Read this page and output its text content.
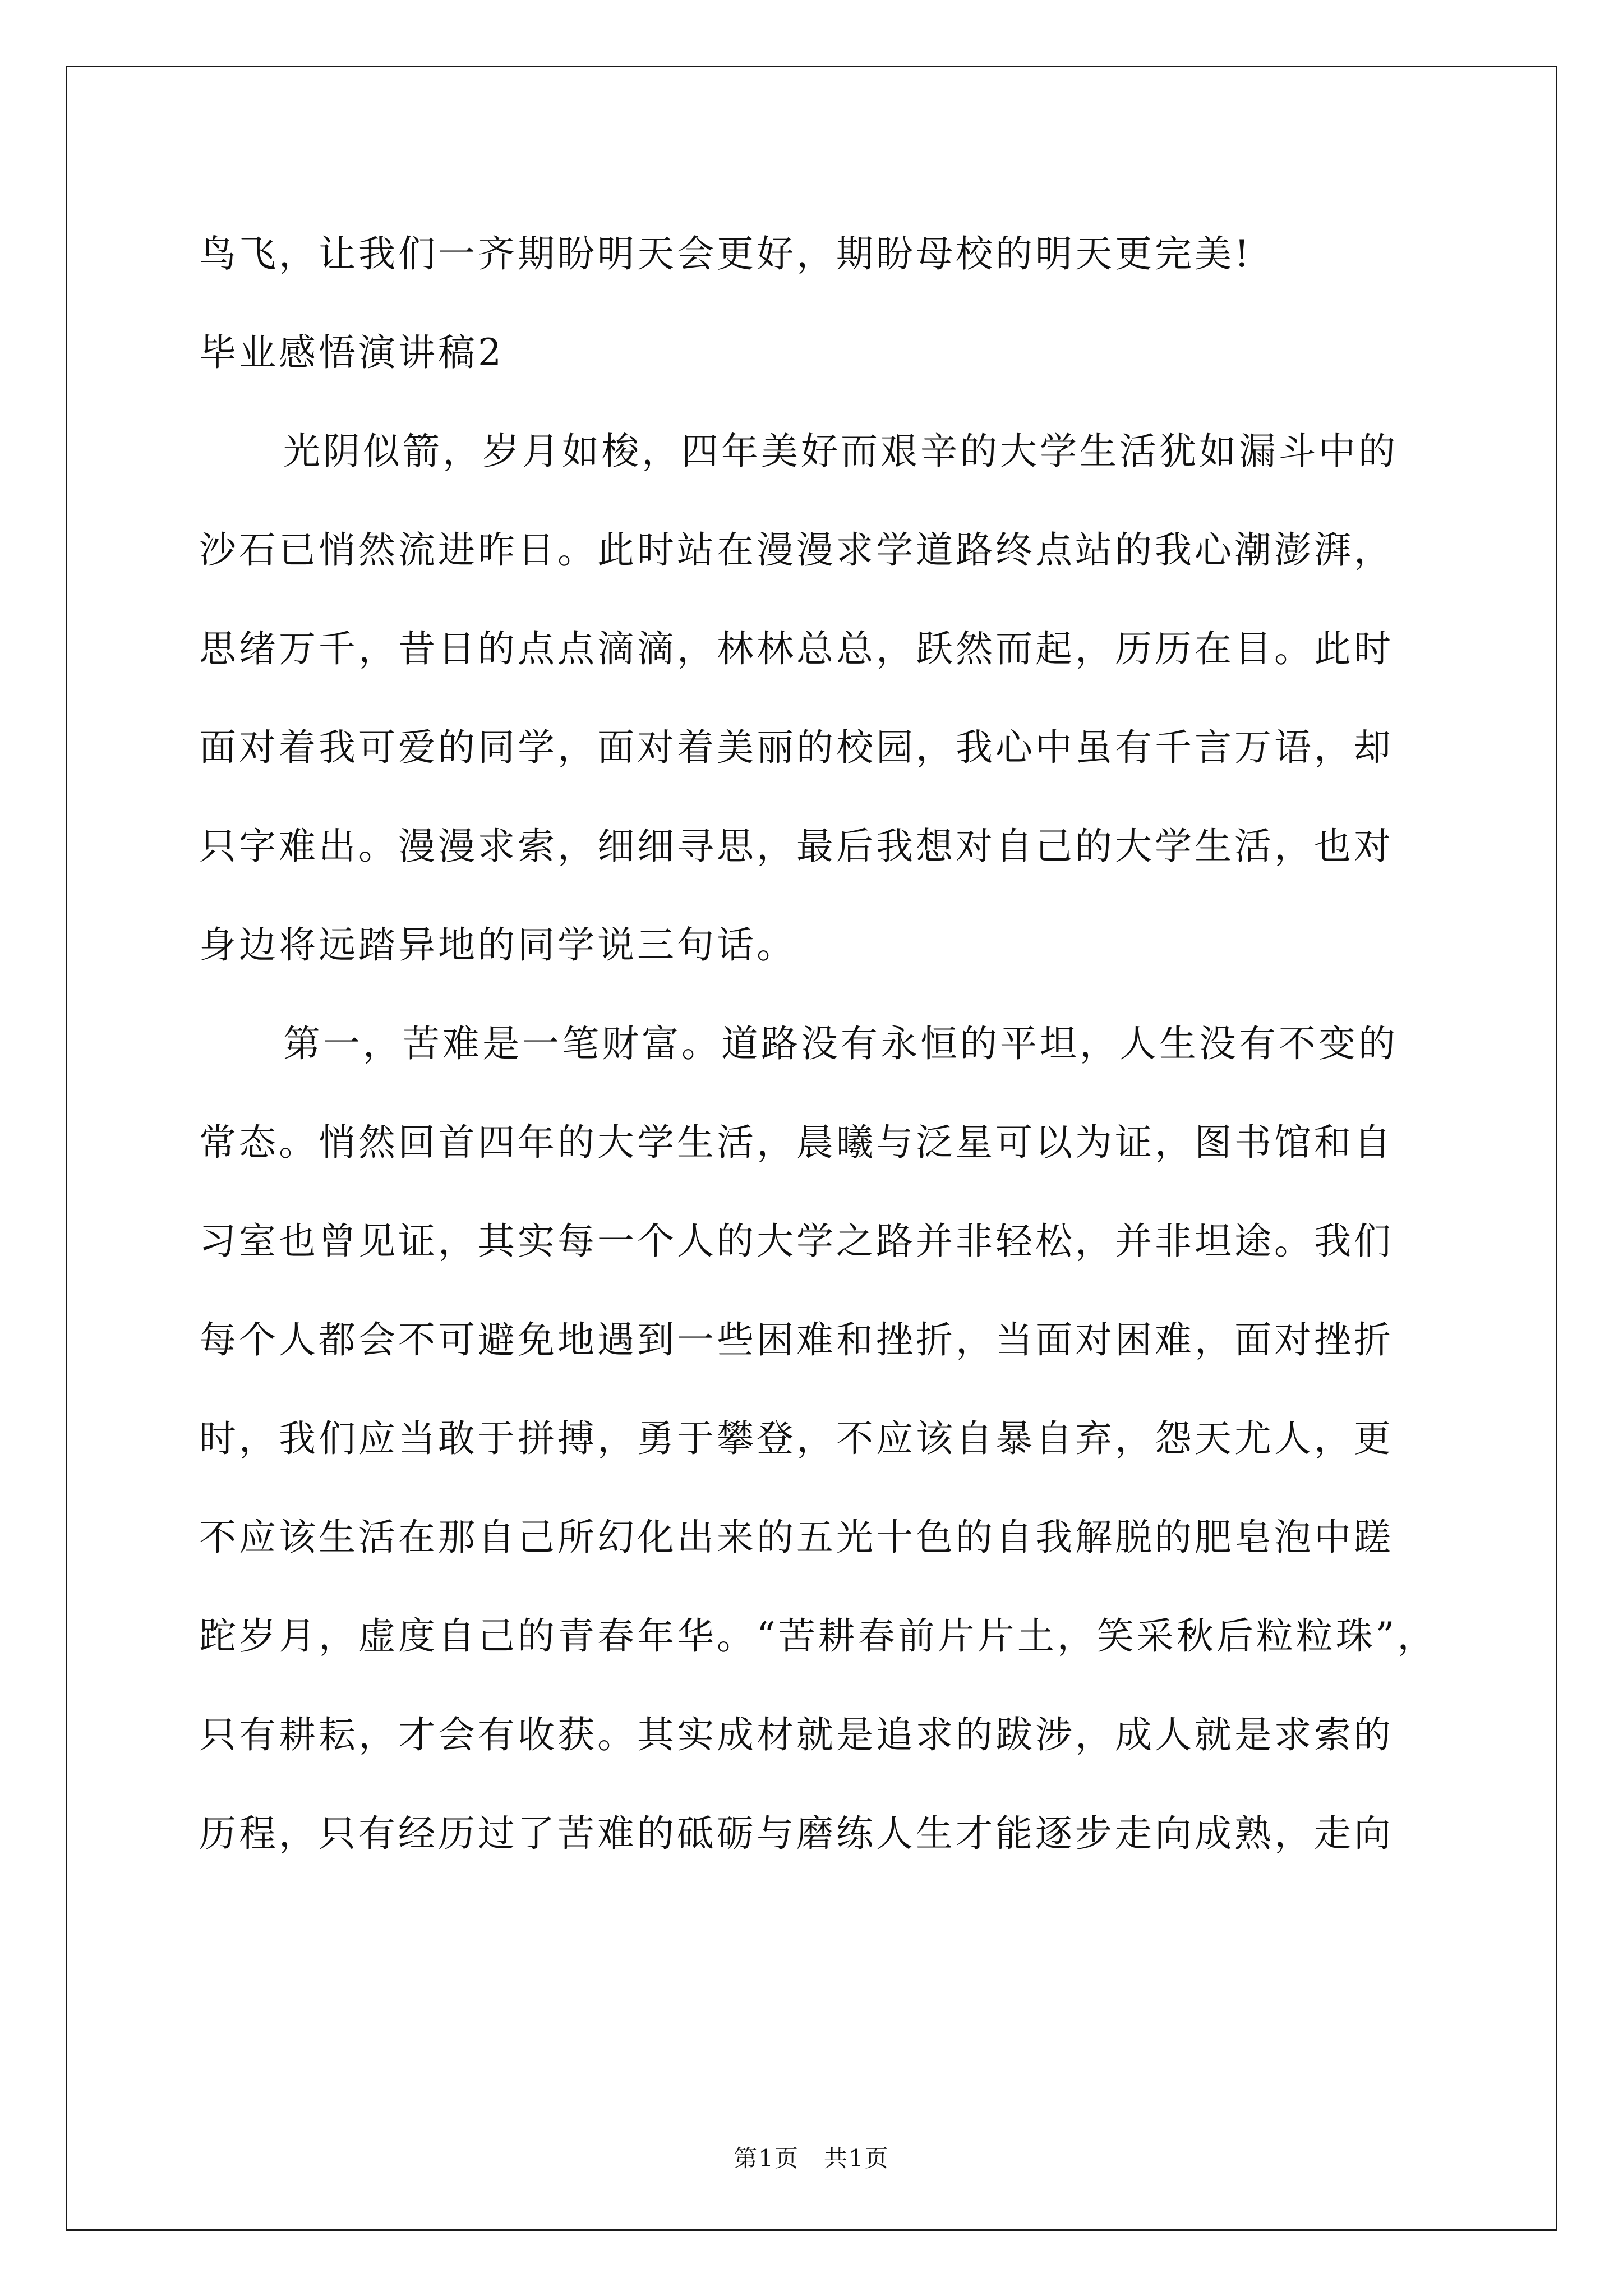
鸟飞，让我们一齐期盼明天会更好，期盼母校的明天更完美!
毕业感悟演讲稿2
光阴似箭，岁月如梭，四年美好而艰辛的大学生活犹如漏斗中的
沙石已悄然流进昨日。此时站在漫漫求学道路终点站的我心潮澎湃，
思绪万千，昔日的点点滴滴，林林总总，跃然而起，历历在目。此时
面对着我可爱的同学，面对着美丽的校园，我心中虽有千言万语，却
只字难出。漫漫求索，细细寻思，最后我想对自己的大学生活，也对
身边将远踏异地的同学说三句话。
第一，苦难是一笔财富。道路没有永恒的平坦，人生没有不变的
常态。悄然回首四年的大学生活，晨曦与泛星可以为证，图书馆和自
习室也曾见证，其实每一个人的大学之路并非轻松，并非坦途。我们
每个人都会不可避免地遇到一些困难和挫折，当面对困难，面对挫折
时，我们应当敢于拼搏，勇于攀登，不应该自暴自弃，怨天尤人，更
不应该生活在那自己所幻化出来的五光十色的自我解脱的肥皂泡中蹉
跎岁月，虚度自己的青春年华。“苦耕春前片片土，笑采秋后粒粒珠”，
只有耕耘，才会有收获。其实成材就是追求的跋涉，成人就是求索的
历程，只有经历过了苦难的砥砺与磨练人生才能逐步走向成熟，走向
第1页　共1页
